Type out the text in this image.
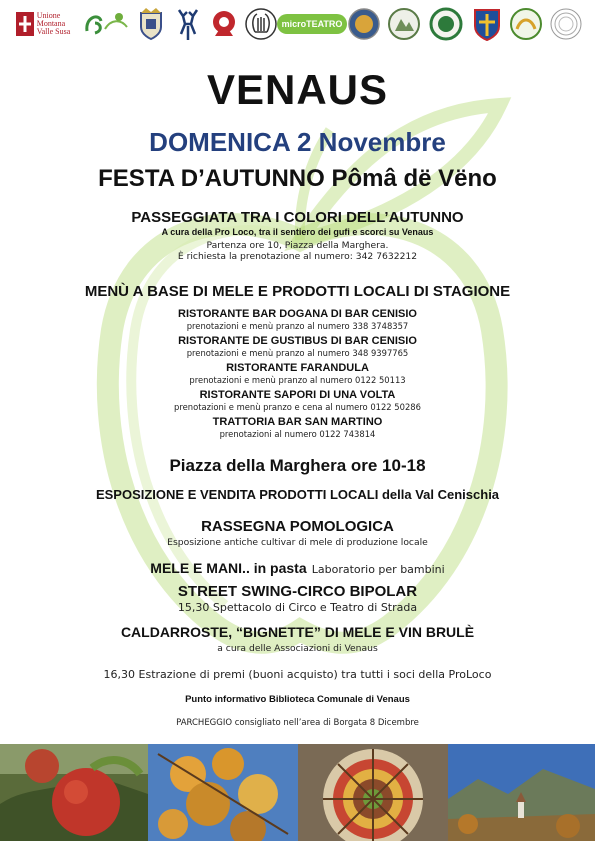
Unione
Montana
Valle Susa
microTEATRO
VENAUS
DOMENICA 2 Novembre
FESTA D’AUTUNNO Pômâ dë Vëno
PASSEGGIATA TRA I COLORI DELL’AUTUNNO
A cura della Pro Loco, tra il sentiero dei gufi e scorci su Venaus
Partenza ore 10, Piazza della Marghera.
È richiesta la prenotazione al numero: 342 7632212
MENÙ A BASE DI MELE E PRODOTTI LOCALI DI STAGIONE
RISTORANTE BAR DOGANA DI BAR CENISIO
prenotazioni e menù pranzo al numero 338 3748357
RISTORANTE DE GUSTIBUS DI BAR CENISIO
prenotazioni e menù pranzo al numero 348 9397765
RISTORANTE FARANDULA
prenotazioni e menù pranzo al numero 0122 50113
RISTORANTE SAPORI DI UNA VOLTA
prenotazioni e menù pranzo e cena al numero 0122 50286
TRATTORIA BAR SAN MARTINO
prenotazioni al numero 0122 743814
Piazza della Marghera ore 10-18
ESPOSIZIONE E VENDITA PRODOTTI LOCALI della Val Cenischia
RASSEGNA POMOLOGICA
Esposizione antiche cultivar di mele di produzione locale
MELE E MANI.. in pasta Laboratorio per bambini
STREET SWING-CIRCO BIPOLAR
15,30 Spettacolo di Circo e Teatro di Strada
CALDARROSTE, “BIGNETTE” DI MELE E VIN BRULÈ
a cura delle Associazioni di Venaus
16,30 Estrazione di premi (buoni acquisto) tra tutti i soci della ProLoco
Punto informativo Biblioteca Comunale di Venaus
PARCHEGGIO consigliato nell’area di Borgata 8 Dicembre
